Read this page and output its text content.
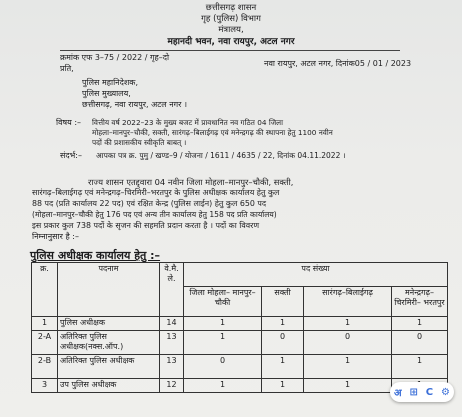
छत्तीसगढ़ शासन
गृह (पुलिस) विभाग
मंत्रालय,
महानदी भवन, नवा रायपुर, अटल नगर
क्रमांक एफ 3–75 / 2022 / गृह–दो
नवा रायपुर, अटल नगर, दिनांक05 / 01 / 2023
प्रति,
पुलिस महानिदेशक,
पुलिस मुख्यालय,
छत्तीसगढ़, नवा रायपुर, अटल नगर ।
विषय :– वित्तीय वर्ष 2022–23 के मुख्य बजट में प्रावधानित नव गठित 04 जिला
मोहला–मानपुर–चौकी, सक्ती, सारंगढ़–बिलाईगढ़ एवं मनेन्द्रगढ़ की स्थापना हेतु 1100 नवीन
पदों की प्रशासकीय स्वीकृति बाबत् ।
संदर्भ:– आपका पत्र क्र. पुमु / खण्ड–9 / योजना / 1611 / 4635 / 22, दिनांक 04.11.2022 ।
राज्य शासन एतद्द्वारा 04 नवीन जिला मोहला–मानपुर–चौकी, सक्ती,
सारंगढ़–बिलाईगढ़ एवं मनेन्द्रगढ़–चिरमिरी–भरतपुर के पुलिस अधीक्षक कार्यालय हेतु कुल
88 पद (प्रति कार्यालय 22 पद) एवं रक्षित केन्द्र (पुलिस लाईन) हेतु कुल 650 पद
(मोहला–मानपुर–चौकी हेतु 176 पद एवं अन्य तीन कार्यालय हेतु 158 पद प्रति कार्यालय)
इस प्रकार कुल 738 पदों के सृजन की सहमति प्रदान करता है । पदों का विवरण
निम्नानुसार है :–
पुलिस अधीक्षक कार्यालय हेतु :–
क्र.	पदनाम	वे.मै. ले.	पद संख्या			
			जिला मोहला– मानपुर–चौकी	सक्ती	सारंगढ़–बिलाईगढ़	मनेन्द्रगढ़– चिरमिरी– भरतपुर
1	पुलिस अधीक्षक	14	1	1	1	1
2-A	अतिरिक्त पुलिस अधीक्षक(नक्स.ऑप.)	13	1	0	0	0
2-B	अतिरिक्त पुलिस अधीक्षक	13	0	1	1	1
3	उप पुलिस अधीक्षक	12	1	1	1	
अ ⊞ C ⚙
